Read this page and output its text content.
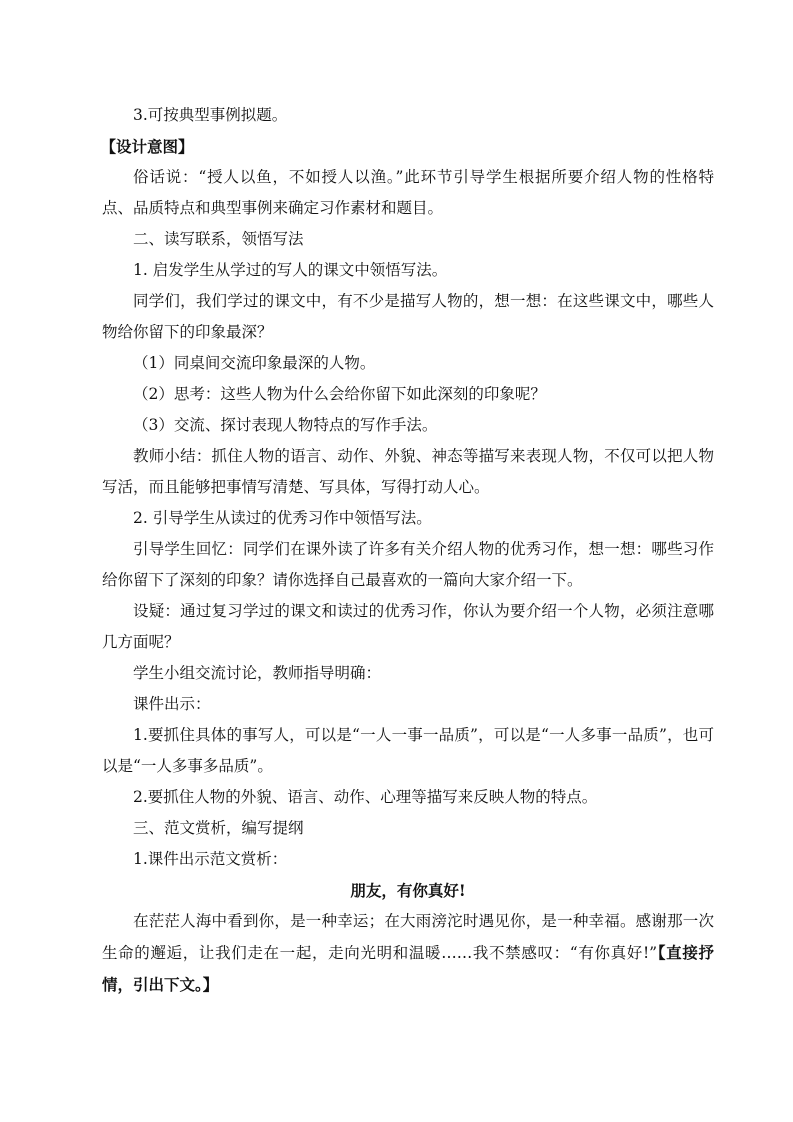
3.可按典型事例拟题。

【设计意图】

俗话说：“授人以鱼，不如授人以渔。”此环节引导学生根据所要介绍人物的性格特点、品质特点和典型事例来确定习作素材和题目。

二、读写联系，领悟写法

1. 启发学生从学过的写人的课文中领悟写法。

同学们，我们学过的课文中，有不少是描写人物的，想一想：在这些课文中，哪些人物给你留下的印象最深？

（1）同桌间交流印象最深的人物。

（2）思考：这些人物为什么会给你留下如此深刻的印象呢？

（3）交流、探讨表现人物特点的写作手法。

教师小结：抓住人物的语言、动作、外貌、神态等描写来表现人物，不仅可以把人物写活，而且能够把事情写清楚、写具体，写得打动人心。

2. 引导学生从读过的优秀习作中领悟写法。

引导学生回忆：同学们在课外读了许多有关介绍人物的优秀习作，想一想：哪些习作给你留下了深刻的印象？请你选择自己最喜欢的一篇向大家介绍一下。

设疑：通过复习学过的课文和读过的优秀习作，你认为要介绍一个人物，必须注意哪几方面呢？

学生小组交流讨论，教师指导明确：

课件出示：

1.要抓住具体的事写人，可以是“一人一事一品质”，可以是“一人多事一品质”，也可以是“一人多事多品质”。

2.要抓住人物的外貌、语言、动作、心理等描写来反映人物的特点。

三、范文赏析，编写提纲

1.课件出示范文赏析：

朋友，有你真好!

在茫茫人海中看到你，是一种幸运；在大雨滂沱时遇见你，是一种幸福。感谢那一次生命的邂逅，让我们走在一起，走向光明和温暖……我不禁感叹：“有你真好!”【直接抒情，引出下文。】
